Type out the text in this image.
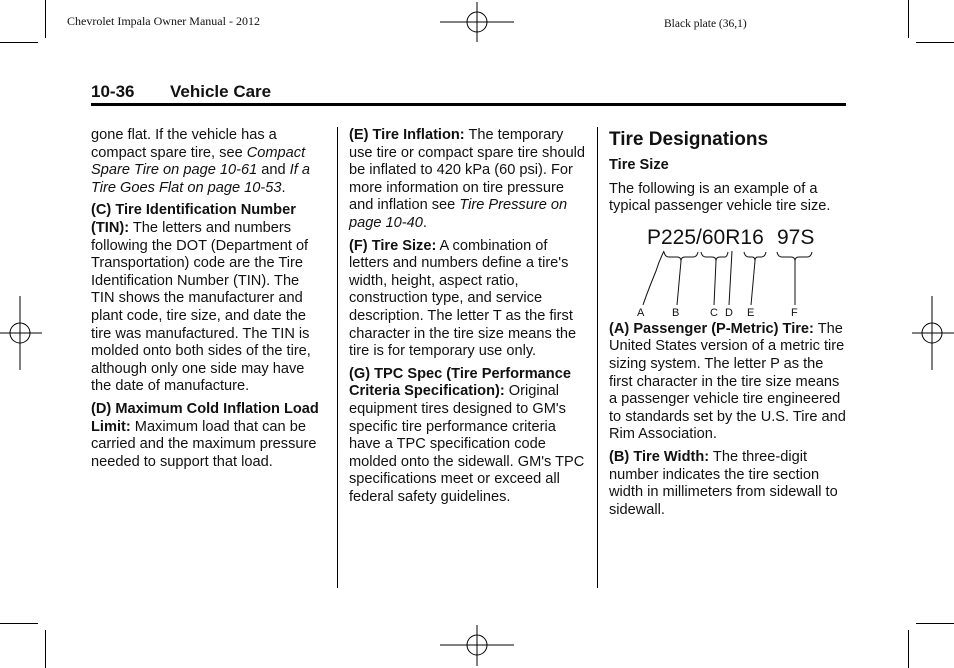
Chevrolet Impala Owner Manual - 2012	Black plate (36,1)
10-36 Vehicle Care

gone flat. If the vehicle has a compact spare tire, see Compact Spare Tire on page 10-61 and If a Tire Goes Flat on page 10-53.

(C) Tire Identification Number (TIN): The letters and numbers following the DOT (Department of Transportation) code are the Tire Identification Number (TIN). The TIN shows the manufacturer and plant code, tire size, and date the tire was manufactured. The TIN is molded onto both sides of the tire, although only one side may have the date of manufacture.

(D) Maximum Cold Inflation Load Limit: Maximum load that can be carried and the maximum pressure needed to support that load.

(E) Tire Inflation: The temporary use tire or compact spare tire should be inflated to 420 kPa (60 psi). For more information on tire pressure and inflation see Tire Pressure on page 10-40.

(F) Tire Size: A combination of letters and numbers define a tire's width, height, aspect ratio, construction type, and service description. The letter T as the first character in the tire size means the tire is for temporary use only.

(G) TPC Spec (Tire Performance Criteria Specification): Original equipment tires designed to GM's specific tire performance criteria have a TPC specification code molded onto the sidewall. GM's TPC specifications meet or exceed all federal safety guidelines.

Tire Designations

Tire Size

The following is an example of a typical passenger vehicle tire size.

P225/60R16 97S
A	B	C D E	F

(A) Passenger (P-Metric) Tire: The United States version of a metric tire sizing system. The letter P as the first character in the tire size means a passenger vehicle tire engineered to standards set by the U.S. Tire and Rim Association.

(B) Tire Width: The three-digit number indicates the tire section width in millimeters from sidewall to sidewall.
